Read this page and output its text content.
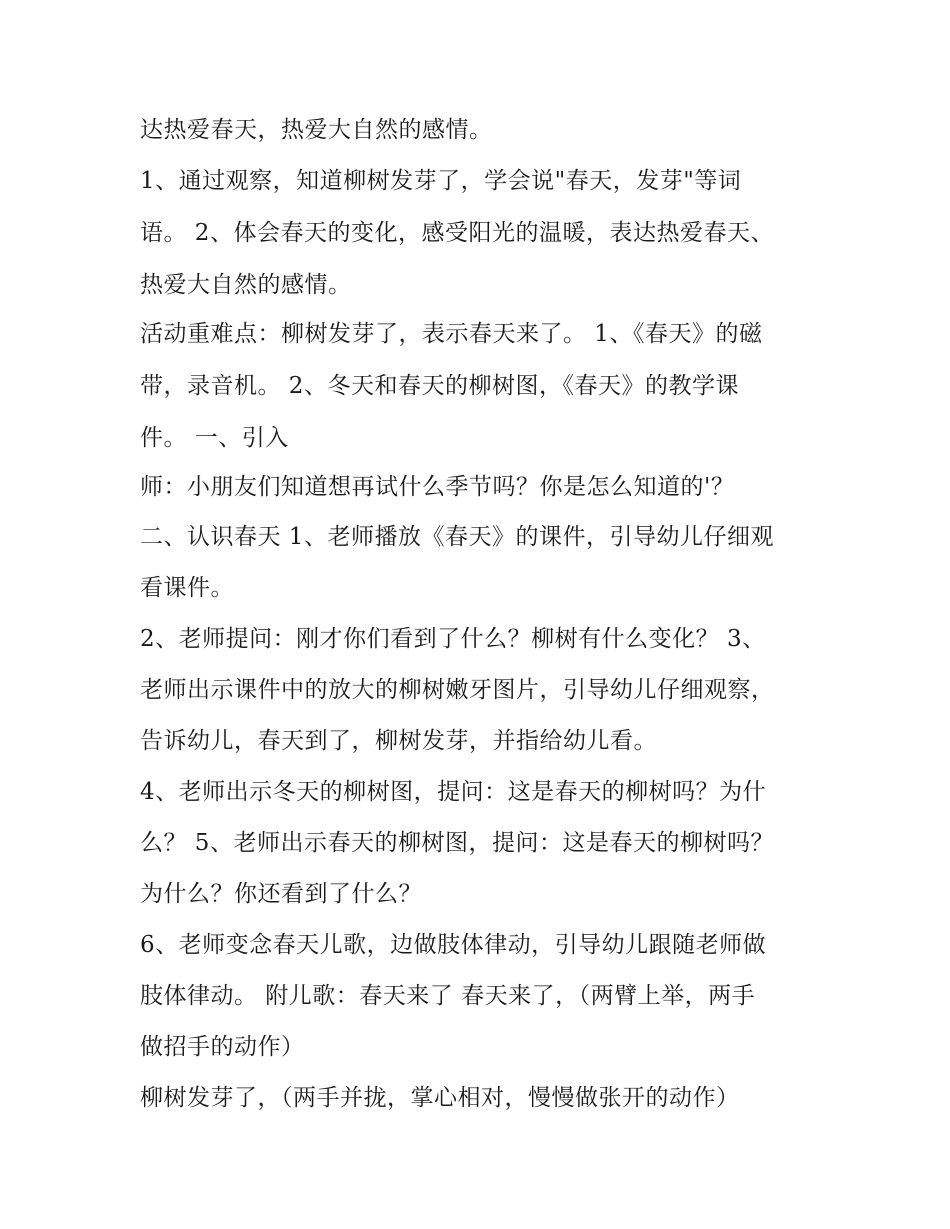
达热爱春天，热爱大自然的感情。
1、通过观察，知道柳树发芽了，学会说"春天，发芽"等词
语。 2、体会春天的变化，感受阳光的温暖，表达热爱春天、
热爱大自然的感情。
活动重难点：柳树发芽了，表示春天来了。 1、《春天》的磁
带，录音机。 2、冬天和春天的柳树图，《春天》的教学课
件。 一、引入
师：小朋友们知道想再试什么季节吗？你是怎么知道的'？
二、认识春天 1、老师播放《春天》的课件，引导幼儿仔细观
看课件。
2、老师提问：刚才你们看到了什么？柳树有什么变化？ 3、
老师出示课件中的放大的柳树嫩牙图片，引导幼儿仔细观察，
告诉幼儿，春天到了，柳树发芽，并指给幼儿看。
4、老师出示冬天的柳树图，提问：这是春天的柳树吗？为什
么？ 5、老师出示春天的柳树图，提问：这是春天的柳树吗？
为什么？你还看到了什么？
6、老师变念春天儿歌，边做肢体律动，引导幼儿跟随老师做
肢体律动。 附儿歌：春天来了 春天来了，（两臂上举，两手
做招手的动作）
柳树发芽了，（两手并拢，掌心相对，慢慢做张开的动作）
